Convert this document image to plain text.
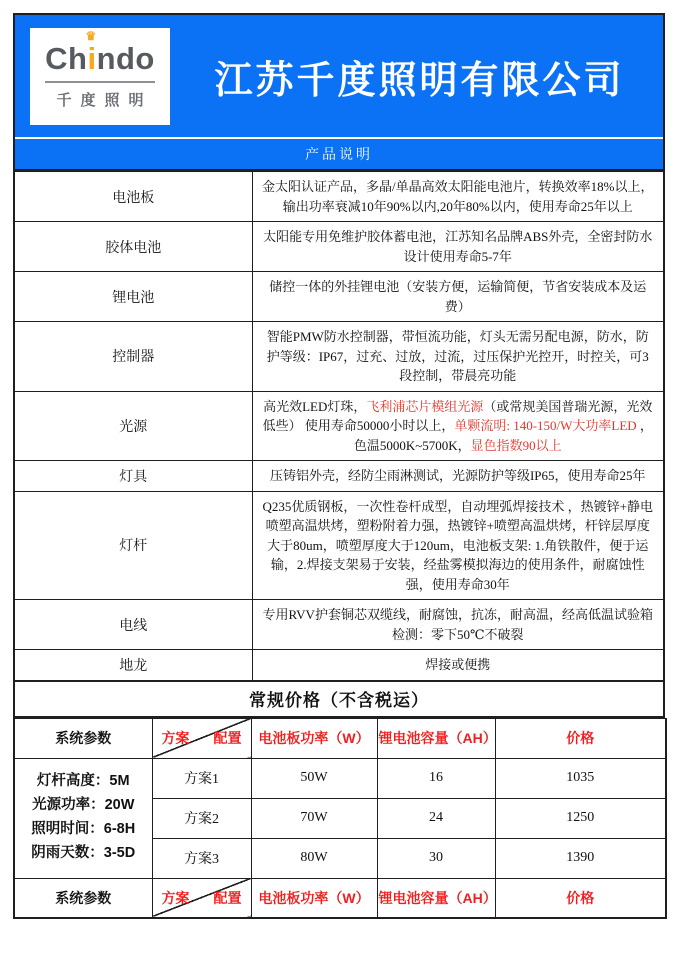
Ch
♛
indo
千度照明	江苏千度照明有限公司
产品说明
电池板	金太阳认证产品，多晶/单晶高效太阳能电池片，转换效率18%以上，输出功率衰减10年90%以内,20年80%以内，使用寿命25年以上
胶体电池	太阳能专用免维护胶体蓄电池，江苏知名品牌ABS外壳，全密封防水设计使用寿命5-7年
锂电池	储控一体的外挂锂电池（安装方便，运输简便，节省安装成本及运费）
控制器	智能PMW防水控制器，带恒流功能，灯头无需另配电源，防水，防护等级：IP67，过充、过放，过流，过压保护光控开，时控关，可3段控制，带晨亮功能
光源	高光效LED灯珠，飞利浦芯片模组光源（或常规美国普瑞光源，光效低些） 使用寿命50000小时以上，单颗流明: 140-150/W大功率LED ，色温5000K~5700K，显色指数90以上
灯具	压铸铝外壳，经防尘雨淋测试，光源防护等级IP65，使用寿命25年
灯杆	Q235优质钢板，一次性卷杆成型，自动埋弧焊接技术 ，热镀锌+静电喷塑高温烘烤，塑粉附着力强，热镀锌+喷塑高温烘烤，杆锌层厚度大于80um，喷塑厚度大于120um，电池板支架: 1.角铁散件，便于运输，2.焊接支架易于安装，经盐雾模拟海边的使用条件，耐腐蚀性强，使用寿命30年
电线	专用RVV护套铜芯双缆线，耐腐蚀，抗冻，耐高温，经高低温试验箱检测：零下50℃不破裂
地龙	焊接或便携
常规价格（不含税运）
系统参数	方案 配置	电池板功率（W）	锂电池容量（AH）	价格

灯杆高度：5M
光源功率：20W
照明时间：6-8H
阴雨天数：3-5D	方案1	50W	16	1035
	方案2	70W	24	1250
	方案3	80W	30	1390
系统参数	方案 配置	电池板功率（W）	锂电池容量（AH）	价格
